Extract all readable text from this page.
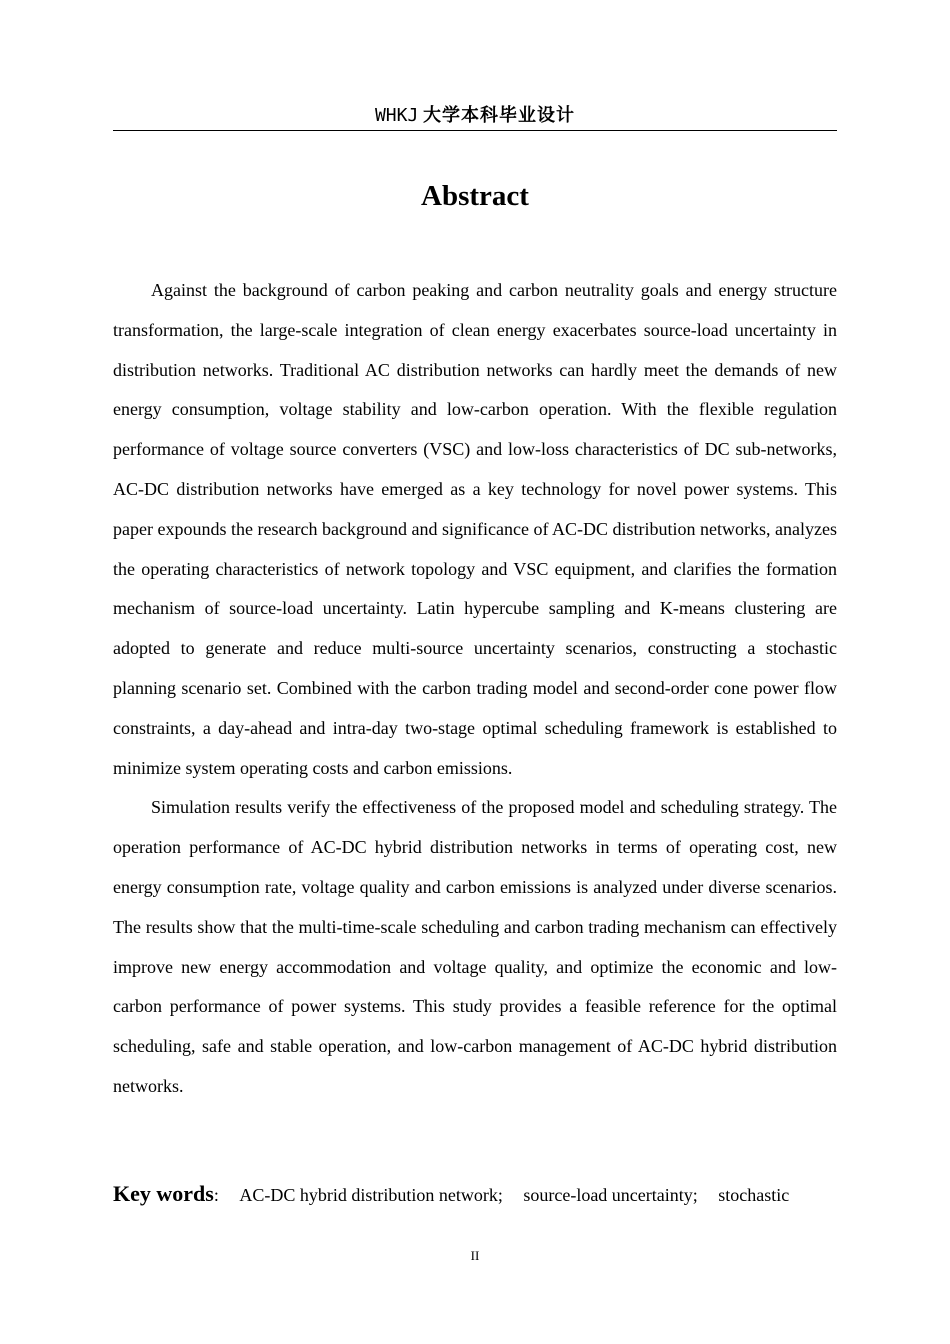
WHKJ 大学本科毕业设计
Abstract

Against the background of carbon peaking and carbon neutrality goals and energy structure transformation, the large-scale integration of clean energy exacerbates source-load uncertainty in distribution networks. Traditional AC distribution networks can hardly meet the demands of new energy consumption, voltage stability and low-carbon operation. With the flexible regulation performance of voltage source converters (VSC) and low-loss characteristics of DC sub-networks, AC-DC distribution networks have emerged as a key technology for novel power systems. This paper expounds the research background and significance of AC-DC distribution networks, analyzes the operating characteristics of network topology and VSC equipment, and clarifies the formation mechanism of source-load uncertainty. Latin hypercube sampling and K-means clustering are adopted to generate and reduce multi-source uncertainty scenarios, constructing a stochastic planning scenario set. Combined with the carbon trading model and second-order cone power flow constraints, a day-ahead and intra-day two-stage optimal scheduling framework is established to minimize system operating costs and carbon emissions.

Simulation results verify the effectiveness of the proposed model and scheduling strategy. The operation performance of AC-DC hybrid distribution networks in terms of operating cost, new energy consumption rate, voltage quality and carbon emissions is analyzed under diverse scenarios. The results show that the multi-time-scale scheduling and carbon trading mechanism can effectively improve new energy accommodation and voltage quality, and optimize the economic and low-carbon performance of power systems. This study provides a feasible reference for the optimal scheduling, safe and stable operation, and low-carbon management of AC-DC hybrid distribution networks.

Key words: AC-DC hybrid distribution network; source-load uncertainty; stochastic
II
